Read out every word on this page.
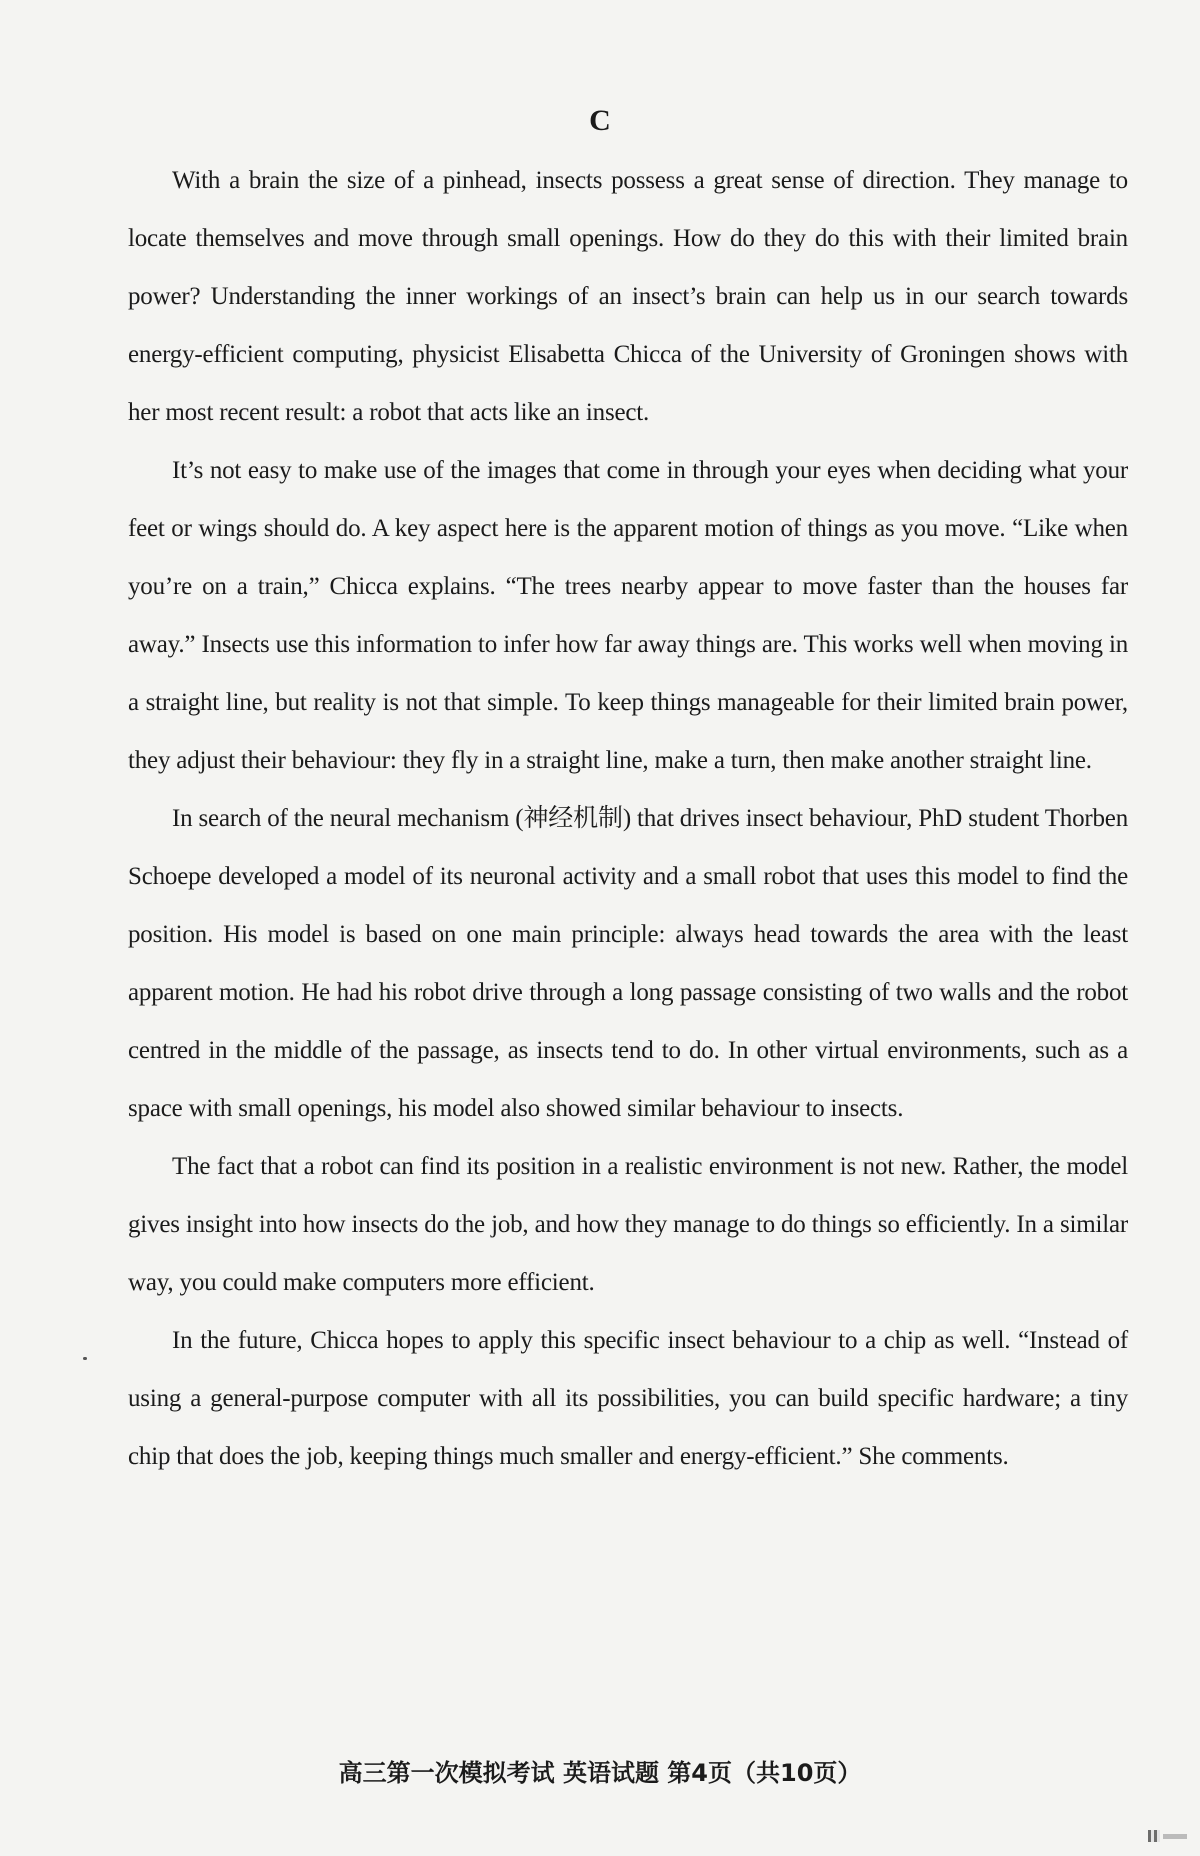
C

With a brain the size of a pinhead, insects possess a great sense of direction. They manage to locate themselves and move through small openings. How do they do this with their limited brain power? Understanding the inner workings of an insect’s brain can help us in our search towards energy-efficient computing, physicist Elisabetta Chicca of the University of Groningen shows with her most recent result: a robot that acts like an insect.

It’s not easy to make use of the images that come in through your eyes when deciding what your feet or wings should do. A key aspect here is the apparent motion of things as you move. “Like when you’re on a train,” Chicca explains. “The trees nearby appear to move faster than the houses far away.” Insects use this information to infer how far away things are. This works well when moving in a straight line, but reality is not that simple. To keep things manageable for their limited brain power, they adjust their behaviour: they fly in a straight line, make a turn, then make another straight line.

In search of the neural mechanism (神经机制) that drives insect behaviour, PhD student Thorben Schoepe developed a model of its neuronal activity and a small robot that uses this model to find the position. His model is based on one main principle: always head towards the area with the least apparent motion. He had his robot drive through a long passage consisting of two walls and the robot centred in the middle of the passage, as insects tend to do. In other virtual environments, such as a space with small openings, his model also showed similar behaviour to insects.

The fact that a robot can find its position in a realistic environment is not new. Rather, the model gives insight into how insects do the job, and how they manage to do things so efficiently. In a similar way, you could make computers more efficient.

In the future, Chicca hopes to apply this specific insect behaviour to a chip as well. “Instead of using a general-purpose computer with all its possibilities, you can build specific hardware; a tiny chip that does the job, keeping things much smaller and energy-efficient.” She comments.

高三第一次模拟考试 英语试题 第4页（共10页）
